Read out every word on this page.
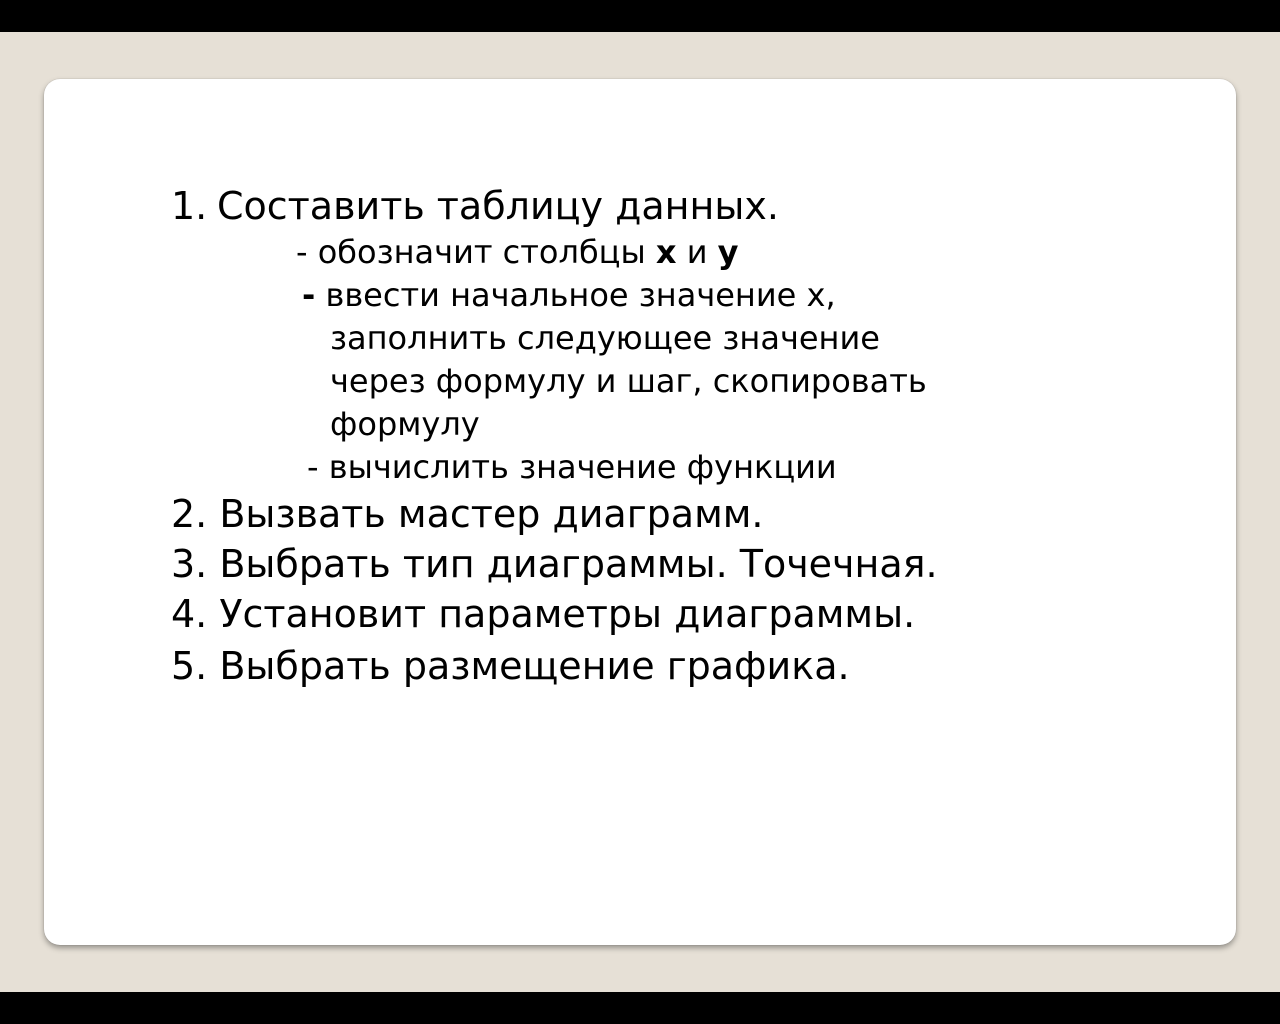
1. Составить таблицу данных.
- обозначит столбцы x и y
- ввести начальное значение х,
заполнить следующее значение
через формулу и шаг, скопировать
формулу
- вычислить значение функции
2. Вызвать мастер диаграмм.
3. Выбрать тип диаграммы. Точечная.
4. Установит параметры диаграммы.
5. Выбрать размещение графика.
